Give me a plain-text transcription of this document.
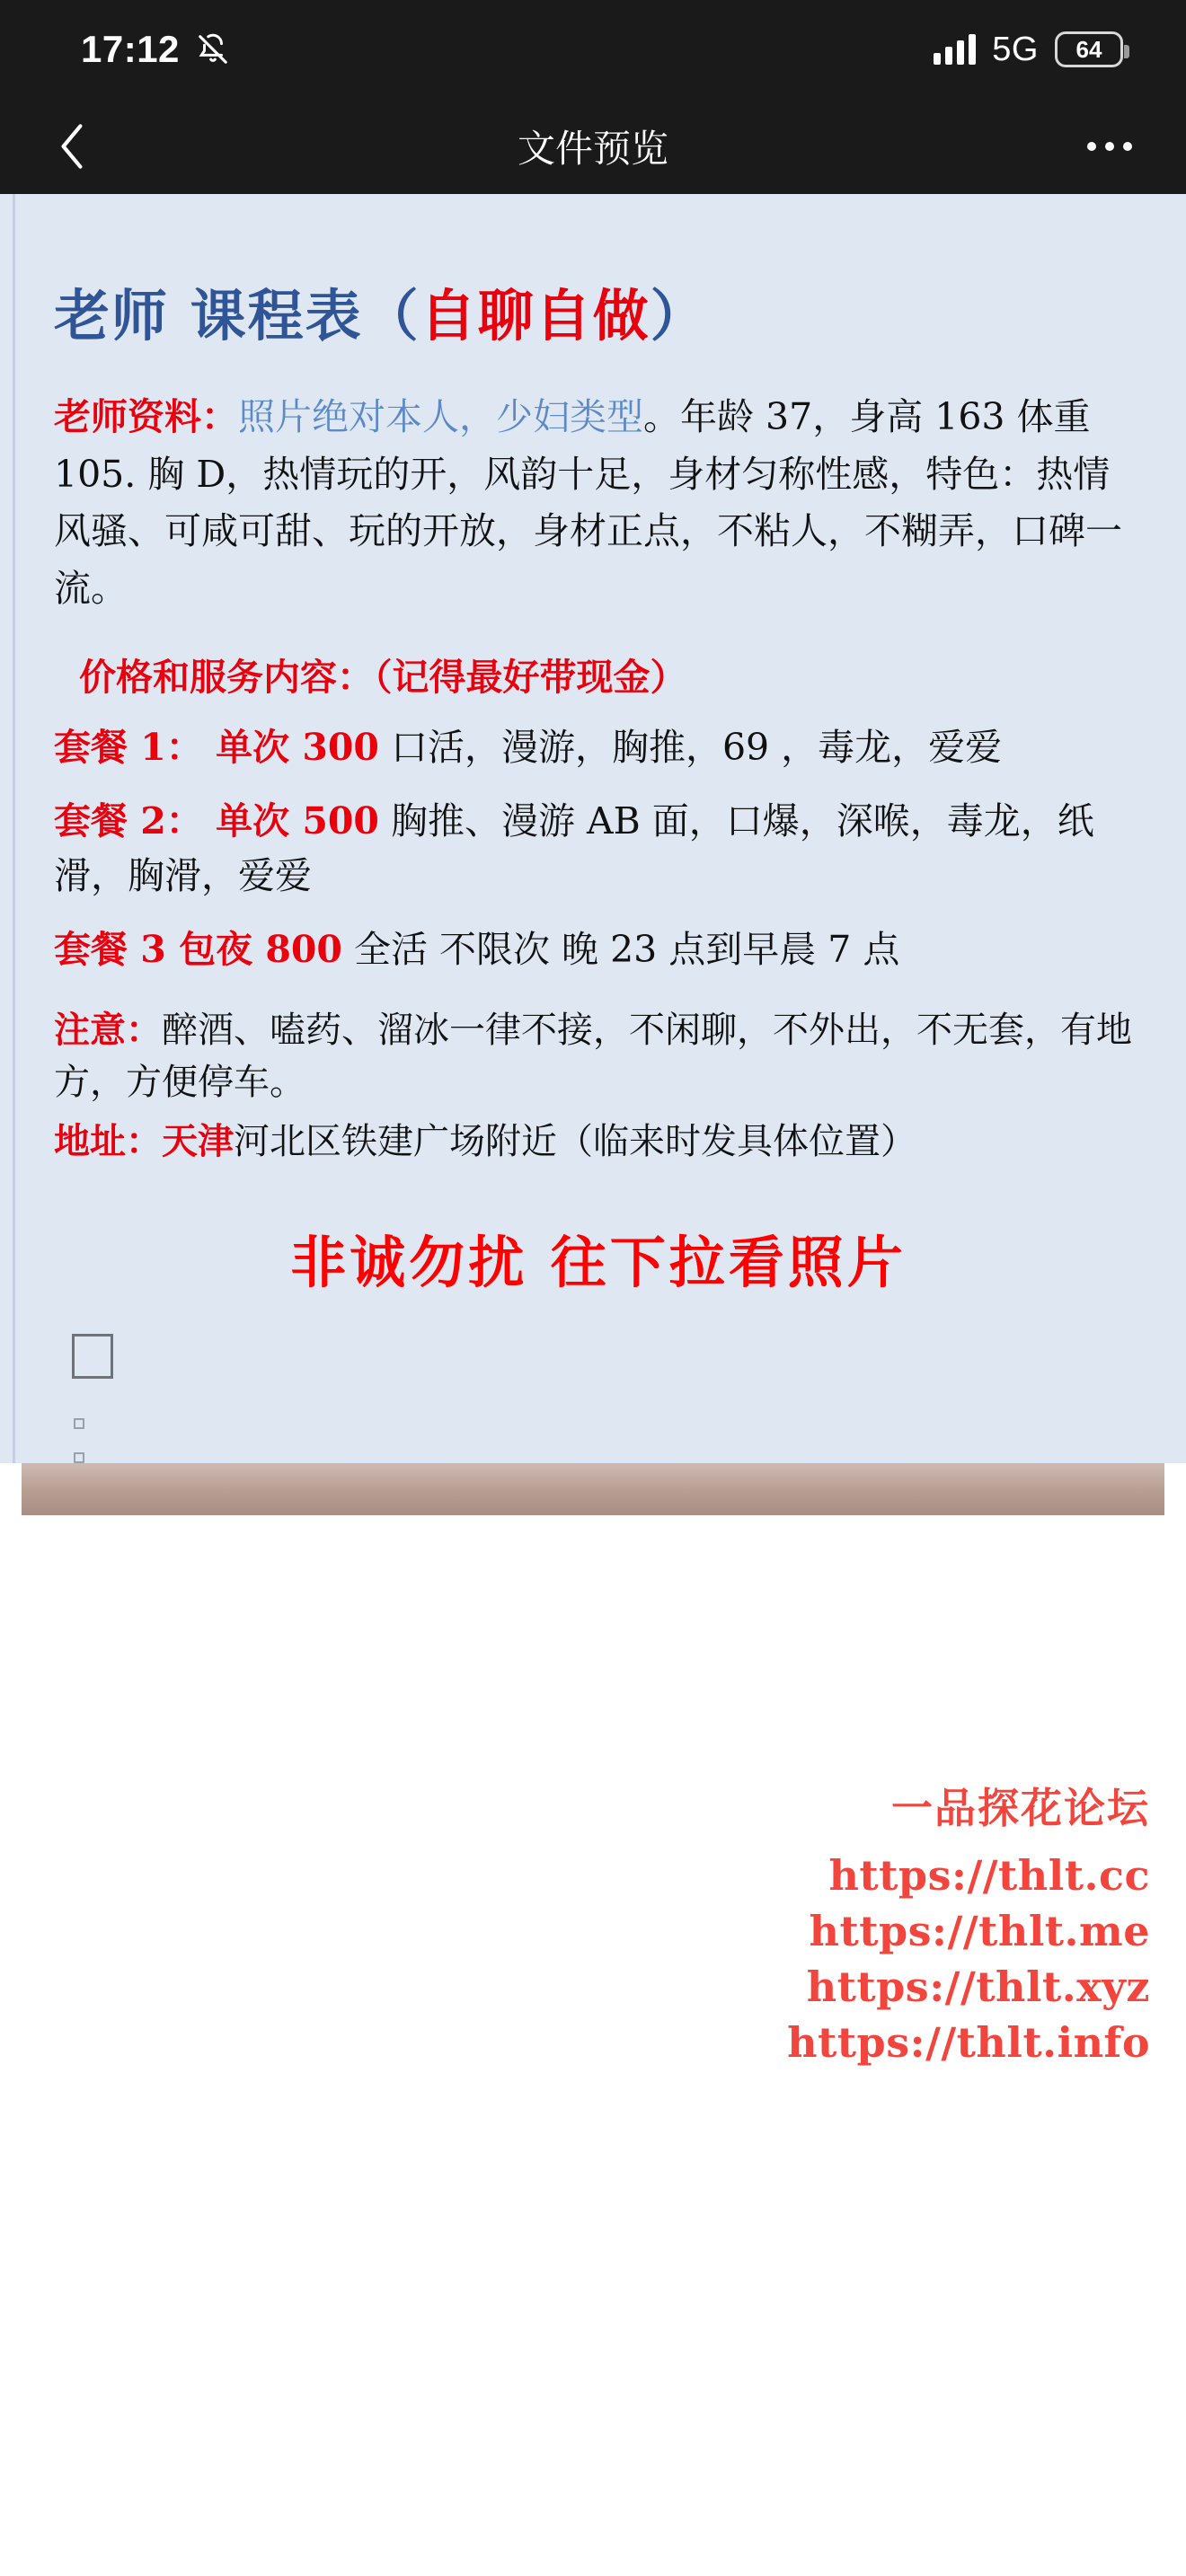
17:12	5G 64
文件预览
老师 课程表（自聊自做）
老师资料：照片绝对本人，少妇类型。年龄 37，身高 163 体重 105. 胸 D，热情玩的开，风韵十足，身材匀称性感，特色：热情风骚、可咸可甜、玩的开放，身材正点，不粘人，不糊弄，口碑一流。
价格和服务内容：（记得最好带现金）
套餐 1： 单次 300 口活，漫游，胸推，69 ，毒龙，爱爱
套餐 2： 单次 500 胸推、漫游 AB 面，口爆，深喉，毒龙，纸滑，胸滑，爱爱
套餐 3 包夜 800 全活 不限次 晚 23 点到早晨 7 点
注意：醉酒、嗑药、溜冰一律不接，不闲聊，不外出，不无套，有地方，方便停车。
地址：天津河北区铁建广场附近（临来时发具体位置）
非诚勿扰 往下拉看照片
一品探花论坛
https://thlt.cc
https://thlt.me
https://thlt.xyz
https://thlt.info
